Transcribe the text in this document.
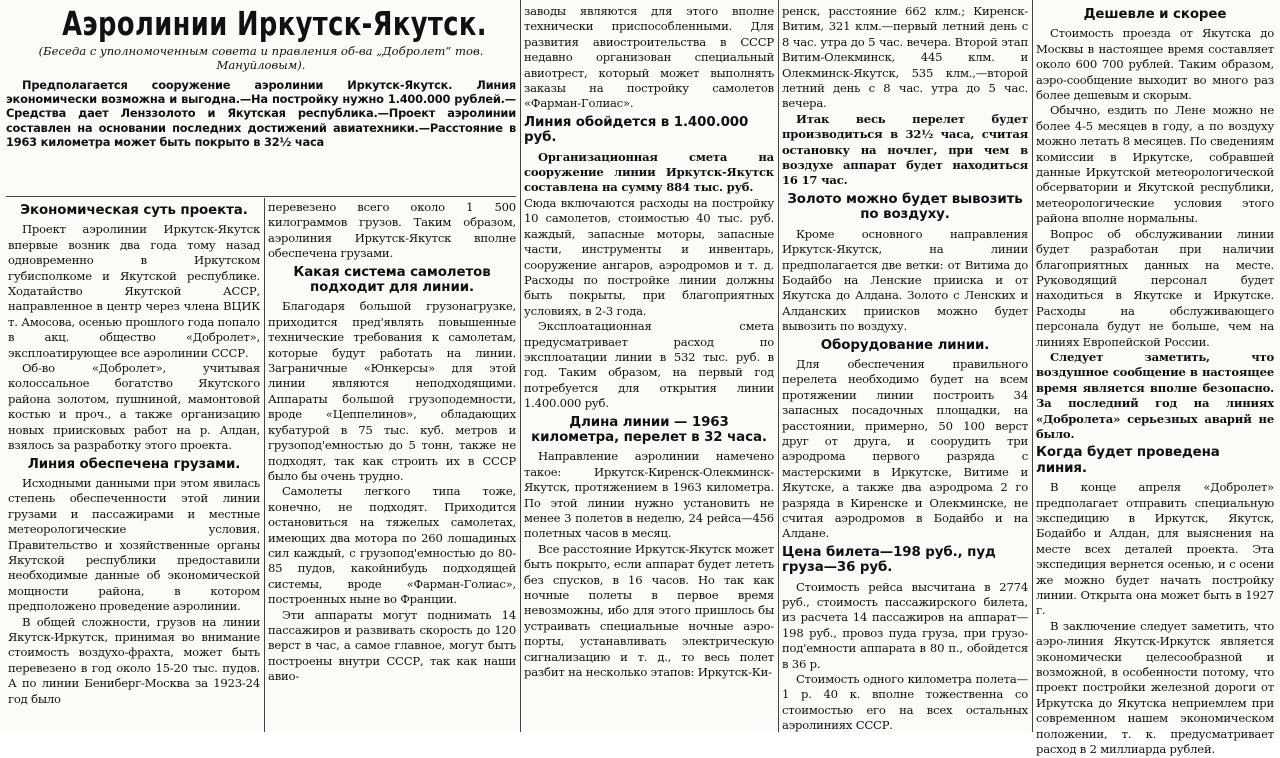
Аэролинии Иркутск-Якутск.
(Беседа с уполномоченным совета и правления об-ва „Добролет“ тов. Мануйловым).
Предполагается сооружение аэролинии Иркутск-Якутск. Линия экономически возможна и выгодна.—На постройку нужно 1.400.000 рублей.—Средства дает Ленззолото и Якутская республика.—Проект аэролинии составлен на основании последних достижений авиатехники.—Расстояние в 1963 километра может быть покрыто в 32½ часа
Экономическая суть проекта.

Проект аэролинии Иркутск-Якутск впервые возник два года тому назад одновременно в Иркутском губисполкоме и Якутской республике. Ходатайство Якутской АССР, направленное в центр через члена ВЦИК т. Амосова, осенью прошлого года попало в акц. общество «Добролет», эксплоатирующее все аэролинии СССР.

Об-во «Добролет», учитывая колоссальное богатство Якутского района золотом, пушниной, мамонтовой костью и проч., а также организацию новых приисковых работ на р. Алдан, взялось за разработку этого проекта.

Линия обеспечена грузами.

Исходными данными при этом явилась степень обеспеченности этой линии грузами и пассажирами и местные метеорологические условия. Правительство и хозяйственные органы Якутской республики предоставили необходимые данные об экономической мощности района, в котором предположено проведение аэролинии.

В общей сложности, грузов на линии Якутск-Иркутск, принимая во внимание стоимость воздухо-фрахта, может быть перевезено в год около 15-20 тыс. пудов. А по линии Бениберг-Москва за 1923-24 год было

перевезено всего около 1 500 килограммов грузов. Таким образом, аэролиния Иркутск-Якутск вполне обеспечена грузами.

Какая система самолетов подходит для линии.

Благодаря большой грузонагрузке, приходится пред'являть повышенные технические требования к самолетам, которые будут работать на линии. Заграничные «Юнкерсы» для этой линии являются неподходящими. Аппараты большой грузоподемности, вроде «Цеппелинов», обладающих кубатурой в 75 тыс. куб. метров и грузопод'емностью до 5 тонн, также не подходят, так как строить их в СССР было бы очень трудно.

Самолеты легкого типа тоже, конечно, не подходят. Приходится остановиться на тяжелых самолетах, имеющих два мотора по 260 лошадиных сил каждый, с грузопод'емностью до 80-85 пудов, какойнибудь подходящей системы, вроде «Фарман-Голиас», построенных ныне во Франции.

Эти аппараты могут поднимать 14 пассажиров и развивать скорость до 120 верст в час, а самое главное, могут быть построены внутри СССР, так как наши авио-

заводы являются для этого вполне технически приспособленными. Для развития авиостроительства в СССР недавно организован специальный авиотрест, который может выполнять заказы на постройку самолетов «Фарман-Голиас».

Линия обойдется в 1.400.000 руб.

Организационная смета на сооружение линии Иркутск-Якутск составлена на сумму 884 тыс. руб.

Сюда включаются расходы на постройку 10 самолетов, стоимостью 40 тыс. руб. каждый, запасные моторы, запасные части, инструменты и инвентарь, сооружение ангаров, аэродромов и т. д. Расходы по постройке линии должны быть покрыты, при благоприятных условиях, в 2-3 года.

Эксплоатационная смета предусматривает расход по эксплоатации линии в 532 тыс. руб. в год. Таким образом, на первый год потребуется для открытия линии 1.400.000 руб.

Длина линии — 1963 километра, перелет в 32 часа.

Направление аэролинии намечено такое: Иркутск-Киренск-Олекминск-Якутск, протяжением в 1963 километра. По этой линии нужно установить не менее 3 полетов в неделю, 24 рейса—456 полетных часов в месяц.

Все расстояние Иркутск-Якутск может быть покрыто, если аппарат будет лететь без спусков, в 16 часов. Но так как ночные полеты в первое время невозможны, ибо для этого пришлось бы устраивать специальные ночные аэро-порты, устанавливать электрическую сигнализацию и т. д., то весь полет разбит на несколько этапов: Иркутск-Ки-

ренск, расстояние 662 клм.; Киренск-Витим, 321 клм.—первый летний день с 8 час. утра до 5 час. вечера. Второй этап Витим-Олекминск, 445 клм. и Олекминск-Якутск, 535 клм.,—второй летний день с 8 час. утра до 5 час. вечера.

Итак весь перелет будет производиться в 32½ часа, считая остановку на ночлег, при чем в воздухе аппарат будет находиться 16 17 час.

Золото можно будет вывозить по воздуху.

Кроме основного направления Иркутск-Якутск, на линии предполагается две ветки: от Витима до Бодайбо на Ленские прииска и от Якутска до Алдана. Золото с Ленских и Алданских приисков можно будет вывозить по воздуху.

Оборудование линии.

Для обеспечения правильного перелета необходимо будет на всем протяжении линии построить 34 запасных посадочных площадки, на расстоянии, примерно, 50 100 верст друг от друга, и соорудить три аэродрома первого разряда с мастерскими в Иркутске, Витиме и Якутске, а также два аэродрома 2 го разряда в Киренске и Олекминске, не считая аэродромов в Бодайбо и на Алдане.

Цена билета—198 руб., пуд груза—36 руб.

Стоимость рейса высчитана в 2774 руб., стоимость пассажирского билета, из расчета 14 пассажиров на аппарат—198 руб., провоз пуда груза, при грузо-под'емности аппарата в 80 п., обойдется в 36 р.

Стоимость одного километра полета—1 р. 40 к. вполне тожественна со стоимостью его на всех остальных аэролиниях СССР.

Дешевле и скорее

Стоимость проезда от Якутска до Москвы в настоящее время составляет около 600 700 рублей. Таким образом, аэро-сообщение выходит во много раз более дешевым и скорым.

Обычно, ездить по Лене можно не более 4-5 месяцев в году, а по воздуху можно летать 8 месяцев. По сведениям комиссии в Иркутске, собравшей данные Иркутской метеорологической обсерватории и Якутской республики, метеорологические условия этого района вполне нормальны.

Вопрос об обслуживании линии будет разработан при наличии благоприятных данных на месте. Руководящий персонал будет находиться в Якутске и Иркутске. Расходы на обслуживающего персонала будут не больше, чем на линиях Европейской России.

Следует заметить, что воздушное сообщение в настоящее время является вполне безопасно. За последний год на линиях «Добролета» серьезных аварий не было.

Когда будет проведена линия.

В конце апреля «Добролет» предполагает отправить специальную экспедицию в Иркутск, Якутск, Бодайбо и Алдан, для выяснения на месте всех деталей проекта. Эта экспедиция вернется осенью, и с осени же можно будет начать постройку линии. Открыта она может быть в 1927 г.

В заключение следует заметить, что аэро-линия Якутск-Иркутск является экономически целесообразной и возможной, в особенности потому, что проект постройки железной дороги от Иркутска до Якутска неприемлем при современном нашем экономическом положении, т. к. предусматривает расход в 2 миллиарда рублей.
